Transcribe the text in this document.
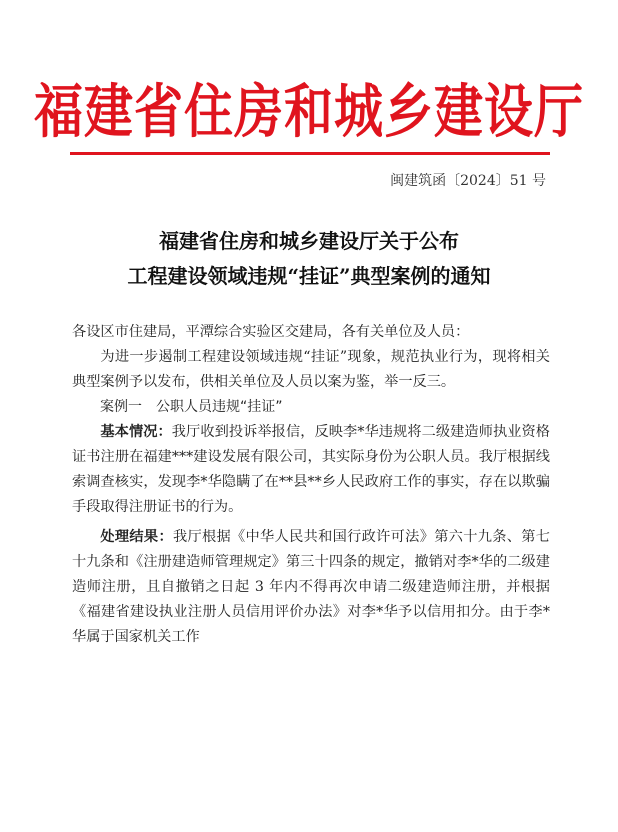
福建省住房和城乡建设厅
闽建筑函〔2024〕51 号
福建省住房和城乡建设厅关于公布
工程建设领域违规“挂证”典型案例的通知

各设区市住建局，平潭综合实验区交建局，各有关单位及人员：

为进一步遏制工程建设领域违规“挂证”现象，规范执业行为，现将相关典型案例予以发布，供相关单位及人员以案为鉴，举一反三。

案例一 公职人员违规“挂证”

基本情况：我厅收到投诉举报信，反映李*华违规将二级建造师执业资格证书注册在福建***建设发展有限公司，其实际身份为公职人员。我厅根据线索调查核实，发现李*华隐瞒了在**县**乡人民政府工作的事实，存在以欺骗手段取得注册证书的行为。

处理结果：我厅根据《中华人民共和国行政许可法》第六十九条、第七十九条和《注册建造师管理规定》第三十四条的规定，撤销对李*华的二级建造师注册，且自撤销之日起 3 年内不得再次申请二级建造师注册，并根据《福建省建设执业注册人员信用评价办法》对李*华予以信用扣分。由于李*华属于国家机关工作
